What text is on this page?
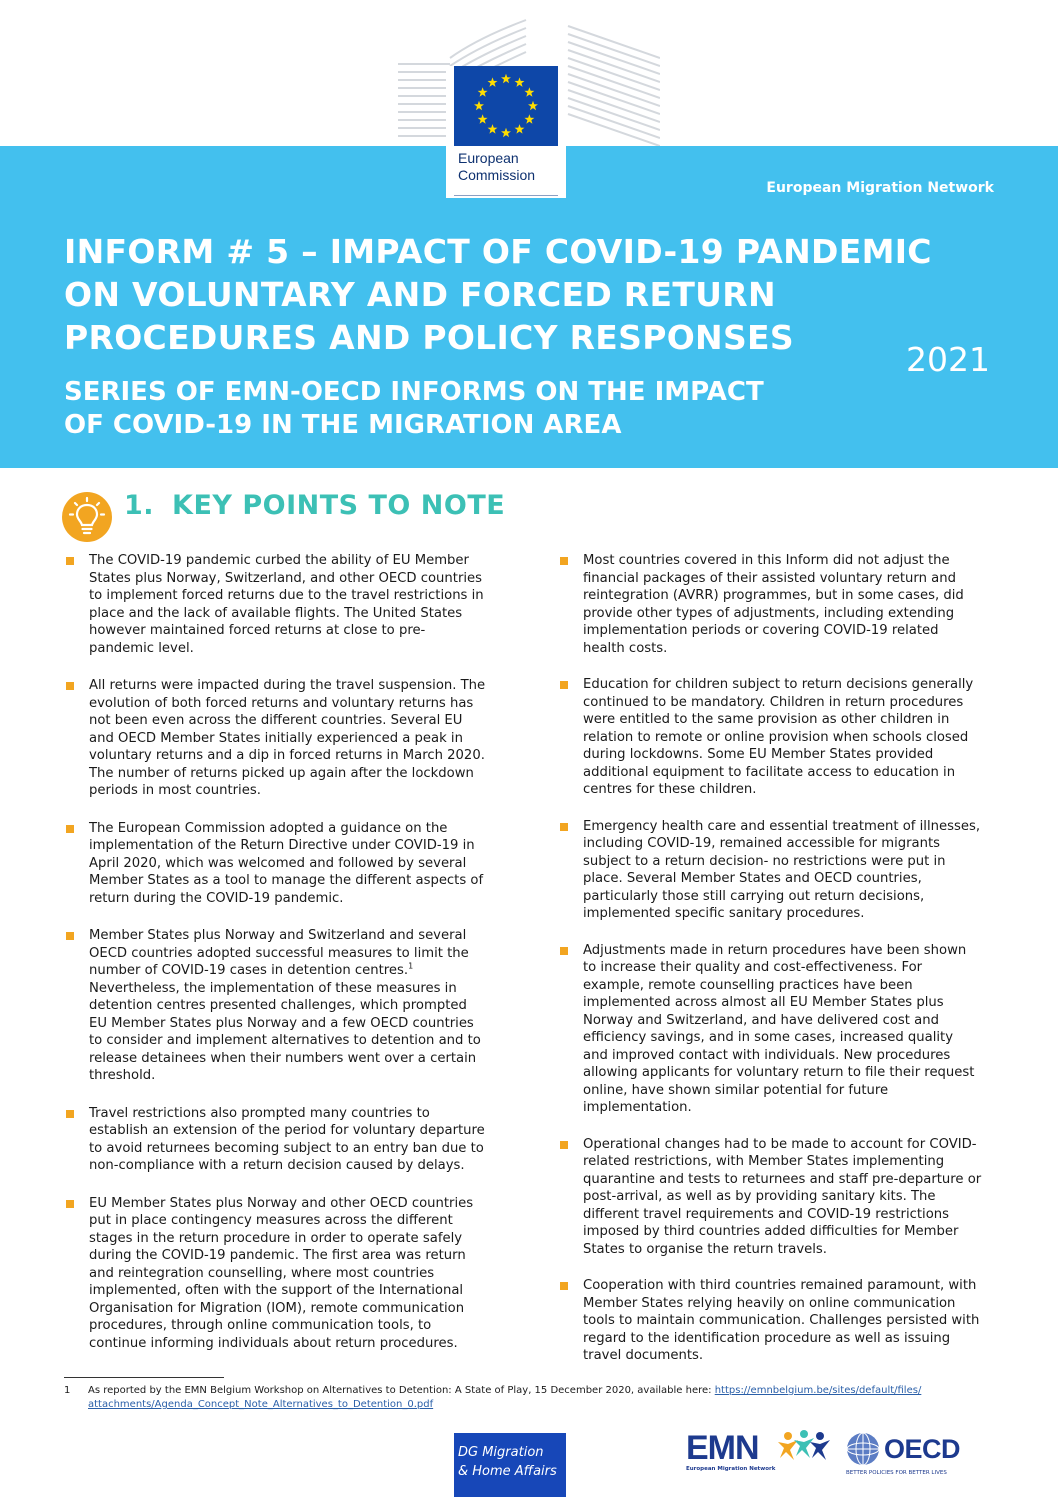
European
Commission
European Migration Network
INFORM # 5 – IMPACT OF COVID-19 PANDEMIC
ON VOLUNTARY AND FORCED RETURN
PROCEDURES AND POLICY RESPONSES
2021
SERIES OF EMN-OECD INFORMS ON THE IMPACT
OF COVID-19 IN THE MIGRATION AREA
1. KEY POINTS TO NOTE
The COVID-19 pandemic curbed the ability of EU Member States plus Norway, Switzerland, and other OECD countries to implement forced returns due to the travel restrictions in place and the lack of available flights. The United States however maintained forced returns at close to pre-pandemic level.
All returns were impacted during the travel suspension. The evolution of both forced returns and voluntary returns has not been even across the different countries. Several EU and OECD Member States initially experienced a peak in voluntary returns and a dip in forced returns in March 2020. The number of returns picked up again after the lockdown periods in most countries.
The European Commission adopted a guidance on the implementation of the Return Directive under COVID-19 in April 2020, which was welcomed and followed by several Member States as a tool to manage the different aspects of return during the COVID-19 pandemic.
Member States plus Norway and Switzerland and several OECD countries adopted successful measures to limit the number of COVID-19 cases in detention centres.$^1$ Nevertheless, the implementation of these measures in detention centres presented challenges, which prompted EU Member States plus Norway and a few OECD countries to consider and implement alternatives to detention and to release detainees when their numbers went over a certain threshold.
Travel restrictions also prompted many countries to establish an extension of the period for voluntary departure to avoid returnees becoming subject to an entry ban due to non-compliance with a return decision caused by delays.
EU Member States plus Norway and other OECD countries put in place contingency measures across the different stages in the return procedure in order to operate safely during the COVID-19 pandemic. The first area was return and reintegration counselling, where most countries implemented, often with the support of the International Organisation for Migration (IOM), remote communication procedures, through online communication tools, to continue informing individuals about return procedures.
Most countries covered in this Inform did not adjust the financial packages of their assisted voluntary return and reintegration (AVRR) programmes, but in some cases, did provide other types of adjustments, including extending implementation periods or covering COVID-19 related health costs.
Education for children subject to return decisions generally continued to be mandatory. Children in return procedures were entitled to the same provision as other children in relation to remote or online provision when schools closed during lockdowns. Some EU Member States provided additional equipment to facilitate access to education in centres for these children.
Emergency health care and essential treatment of illnesses, including COVID-19, remained accessible for migrants subject to a return decision- no restrictions were put in place. Several Member States and OECD countries, particularly those still carrying out return decisions, implemented specific sanitary procedures.
Adjustments made in return procedures have been shown to increase their quality and cost-effectiveness. For example, remote counselling practices have been implemented across almost all EU Member States plus Norway and Switzerland, and have delivered cost and efficiency savings, and in some cases, increased quality and improved contact with individuals. New procedures allowing applicants for voluntary return to file their request online, have shown similar potential for future implementation.
Operational changes had to be made to account for COVID-related restrictions, with Member States implementing quarantine and tests to returnees and staff pre-departure or post-arrival, as well as by providing sanitary kits. The different travel requirements and COVID-19 restrictions imposed by third countries added difficulties for Member States to organise the return travels.
Cooperation with third countries remained paramount, with Member States relying heavily on online communication tools to maintain communication. Challenges persisted with regard to the identification procedure as well as issuing travel documents.
1 As reported by the EMN Belgium Workshop on Alternatives to Detention: A State of Play, 15 December 2020, available here: https://emnbelgium.be/sites/default/files/
attachments/Agenda_Concept_Note_Alternatives_to_Detention_0.pdf
DG Migration
& Home Affairs
EMN
European Migration Network
OECD
BETTER POLICIES FOR BETTER LIVES
